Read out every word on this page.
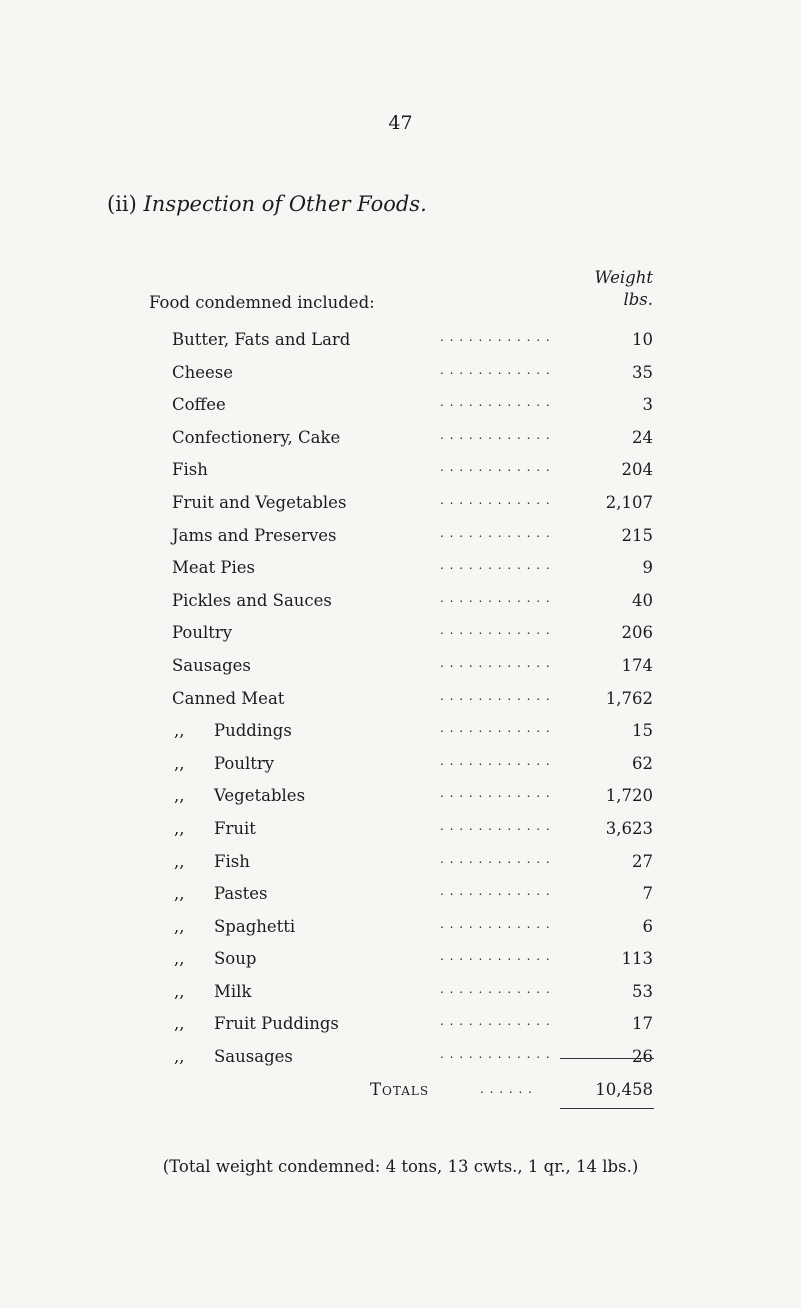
47
(ii) Inspection of Other Foods.
Food condemned included:
Weight
lbs.
Butter, Fats and Lard	. . . . . . . . . . . .	10
Cheese	. . . . . . . . . . . .	35
Coffee	. . . . . . . . . . . .	3
Confectionery, Cake	. . . . . . . . . . . .	24
Fish	. . . . . . . . . . . .	204
Fruit and Vegetables	. . . . . . . . . . . .	2,107
Jams and Preserves	. . . . . . . . . . . .	215
Meat Pies	. . . . . . . . . . . .	9
Pickles and Sauces	. . . . . . . . . . . .	40
Poultry	. . . . . . . . . . . .	206
Sausages	. . . . . . . . . . . .	174
Canned Meat	. . . . . . . . . . . .	1,762
,, Puddings	. . . . . . . . . . . .	15
,, Poultry	. . . . . . . . . . . .	62
,, Vegetables	. . . . . . . . . . . .	1,720
,, Fruit	. . . . . . . . . . . .	3,623
,, Fish	. . . . . . . . . . . .	27
,, Pastes	. . . . . . . . . . . .	7
,, Spaghetti	. . . . . . . . . . . .	6
,, Soup	. . . . . . . . . . . .	113
,, Milk	. . . . . . . . . . . .	53
,, Fruit Puddings	. . . . . . . . . . . .	17
,, Sausages	. . . . . . . . . . . .	26
Totals	. . . . . .	10,458
(Total weight condemned: 4 tons, 13 cwts., 1 qr., 14 lbs.)
